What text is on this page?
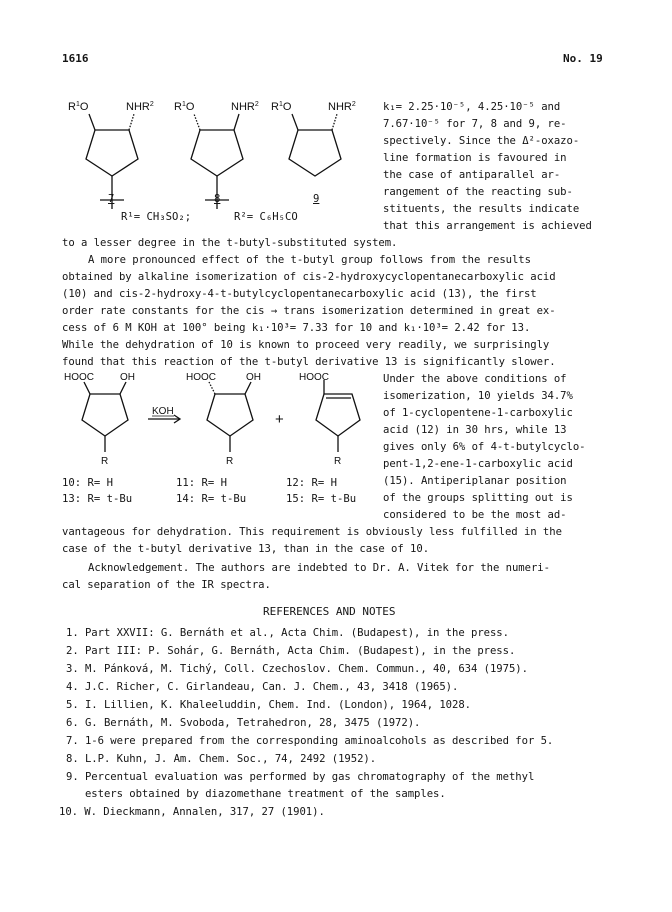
1616	No. 19
$R^1O$	NHR$^2$ $R^1O$	NHR$^2$ $R^1O$	NHR$^2$
7	8	9
R¹= CH₃SO₂;	R²= C₆H₅CO
k₁= 2.25·10⁻⁵, 4.25·10⁻⁵ and
7.67·10⁻⁵ for 7, 8 and 9, re-
spectively. Since the Δ²-oxazo-
line formation is favoured in
the case of antiparallel ar-
rangement of the reacting sub-
stituents, the results indicate
that this arrangement is achieved
to a lesser degree in the t-butyl-substituted system.
A more pronounced effect of the t-butyl group follows from the results
obtained by alkaline isomerization of cis-2-hydroxycyclopentanecarboxylic acid
(10) and cis-2-hydroxy-4-t-butylcyclopentanecarboxylic acid (13), the first
order rate constants for the cis → trans isomerization determined in great ex-
cess of 6 M KOH at 100° being k₁·10³= 7.33 for 10 and k₁·10³= 2.42 for 13.
While the dehydration of 10 is known to proceed very readily, we surprisingly
found that this reaction of the t-butyl derivative 13 is significantly slower.
HOOC	OH
R
KOH
HOOC	OH
R
+
HOOC
R
10: R= H
13: R= t-Bu
11: R= H
14: R= t-Bu
12: R= H
15: R= t-Bu
Under the above conditions of
isomerization, 10 yields 34.7%
of 1-cyclopentene-1-carboxylic
acid (12) in 30 hrs, while 13
gives only 6% of 4-t-butylcyclo-
pent-1,2-ene-1-carboxylic acid
(15). Antiperiplanar position
of the groups splitting out is
considered to be the most ad-
vantageous for dehydration. This requirement is obviously less fulfilled in the
case of the t-butyl derivative 13, than in the case of 10.
Acknowledgement. The authors are indebted to Dr. A. Vitek for the numeri-
cal separation of the IR spectra.
REFERENCES AND NOTES
1. Part XXVII: G. Bernáth et al., Acta Chim. (Budapest), in the press.
2. Part III: P. Sohár, G. Bernáth, Acta Chim. (Budapest), in the press.
3. M. Pánková, M. Tichý, Coll. Czechoslov. Chem. Commun., 40, 634 (1975).
4. J.C. Richer, C. Girlandeau, Can. J. Chem., 43, 3418 (1965).
5. I. Lillien, K. Khaleeluddin, Chem. Ind. (London), 1964, 1028.
6. G. Bernáth, M. Svoboda, Tetrahedron, 28, 3475 (1972).
7. 1-6 were prepared from the corresponding aminoalcohols as described for 5.
8. L.P. Kuhn, J. Am. Chem. Soc., 74, 2492 (1952).
9. Percentual evaluation was performed by gas chromatography of the methyl
esters obtained by diazomethane treatment of the samples.
10. W. Dieckmann, Annalen, 317, 27 (1901).
